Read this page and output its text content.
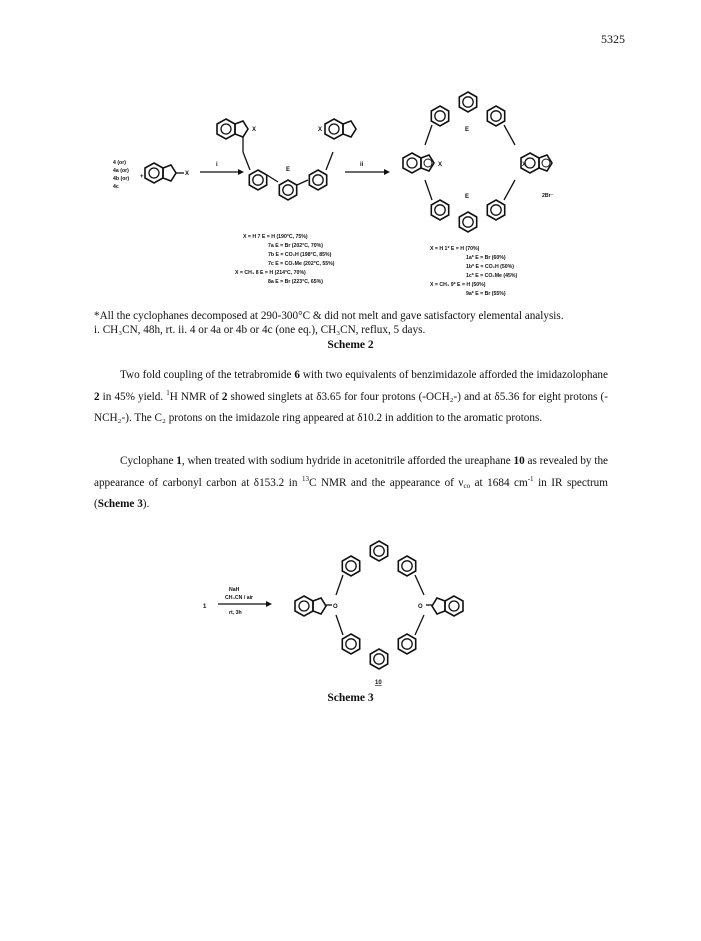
5325
4 (or)
4a (or)
4b (or)
4c
+	X
i
X
E
X
ii
E
X	X
E	2Br⁻
X = H 7 E = H (190°C, 75%)
7a E = Br (202°C, 70%)
7b E = CO₂H (198°C, 85%)
7c E = CO₂Me (202°C, 55%)
X = CH₃ 8 E = H (214°C, 70%)
8a E = Br (223°C, 65%)
X = H 1* E = H (70%)
1a* E = Br (60%)
1b* E = CO₂H (50%)
1c* E = CO₂Me (45%)
X = CH₃ 9* E = H (50%)
9a* E = Br (55%)
1
NaH
CH₃CN / air
rt, 3h
O	O
10
*All the cyclophanes decomposed at 290-300°C & did not melt and gave satisfactory elemental analysis.
i. CH₃CN, 48h, rt. ii. 4 or 4a or 4b or 4c (one eq.), CH₃CN, reflux, 5 days.
Scheme 2
Two fold coupling of the tetrabromide 6 with two equivalents of benzimidazole afforded the imidazolophane 2 in 45% yield. $^1$H NMR of 2 showed singlets at δ3.65 for four protons (-OCH₂-) and at δ5.36 for eight protons (-NCH₂-). The C₂ protons on the imidazole ring appeared at δ10.2 in addition to the aromatic protons.
Cyclophane 1, when treated with sodium hydride in acetonitrile afforded the ureaphane 10 as revealed by the appearance of carbonyl carbon at δ153.2 in $^{13}$C NMR and the appearance of $\nu_{co}$ at 1684 $cm^{-1}$ in IR spectrum (Scheme 3).
Scheme 3
